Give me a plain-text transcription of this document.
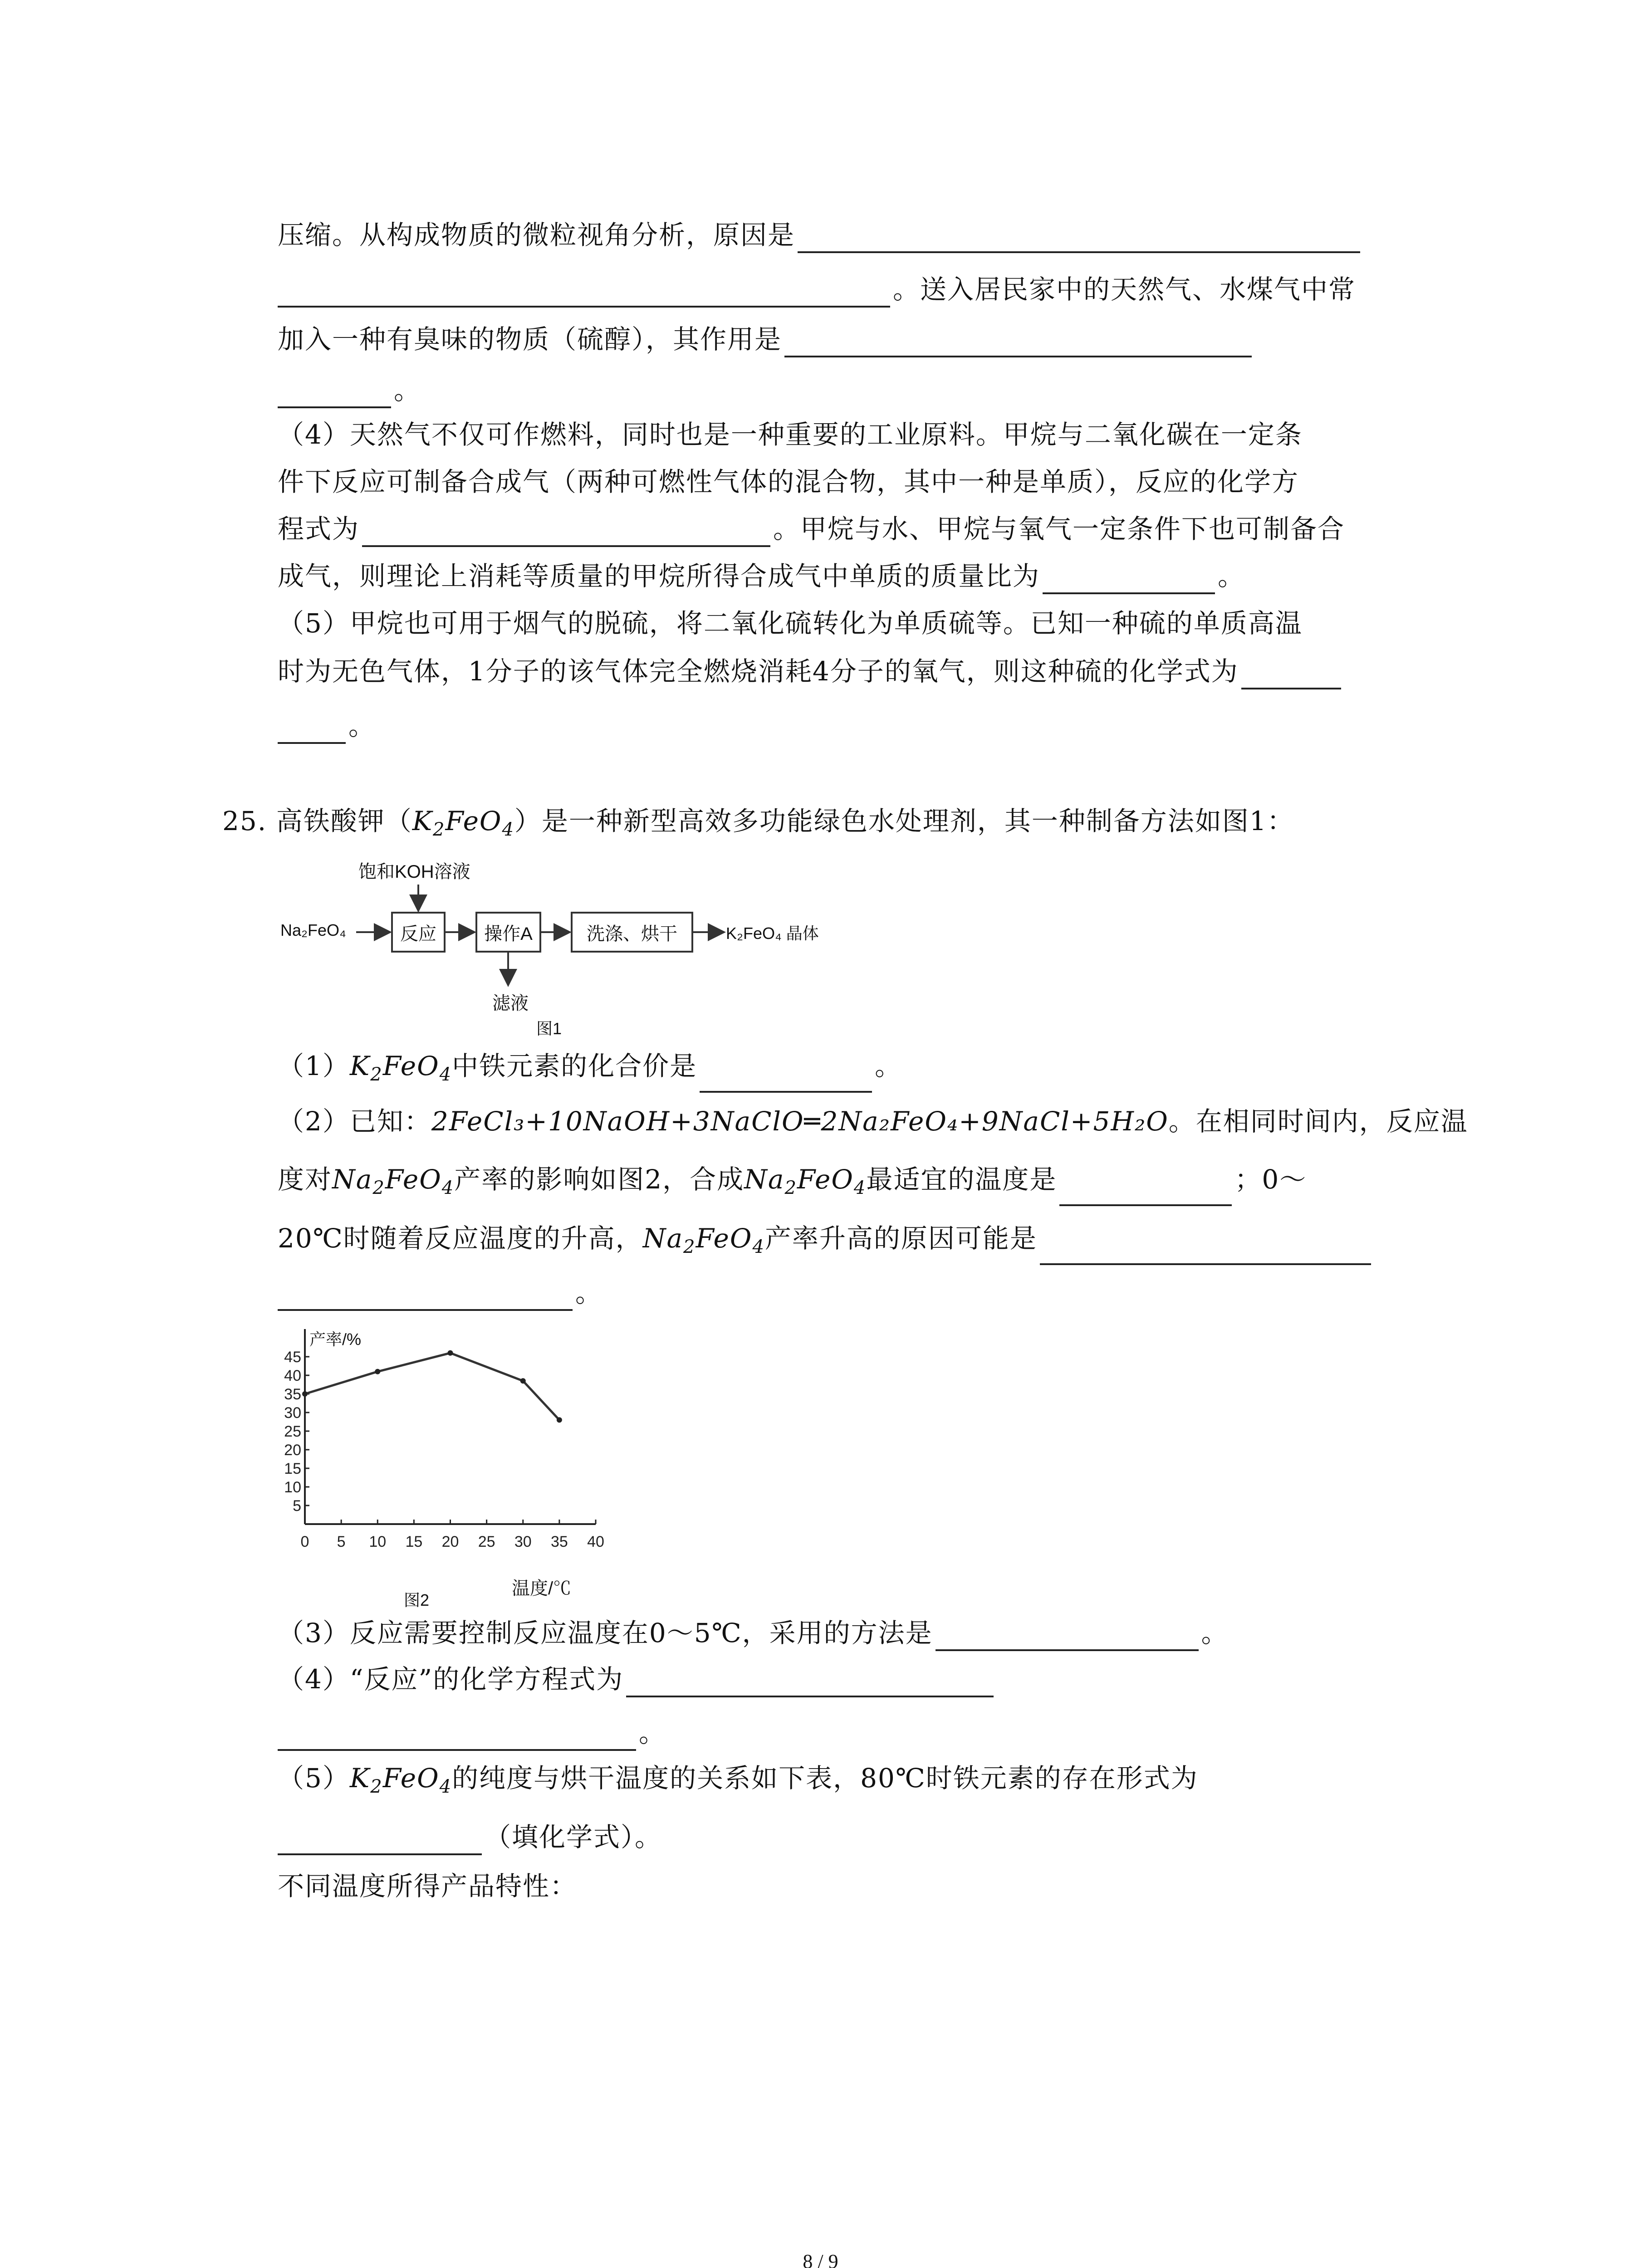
压缩。从构成物质的微粒视角分析，原因是
。送入居民家中的天然气、水煤气中常
加入一种有臭味的物质（硫醇），其作用是
。
（4）天然气不仅可作燃料，同时也是一种重要的工业原料。甲烷与二氧化碳在一定条
件下反应可制备合成气（两种可燃性气体的混合物，其中一种是单质），反应的化学方
程式为	。甲烷与水、甲烷与氧气一定条件下也可制备合
成气，则理论上消耗等质量的甲烷所得合成气中单质的质量比为	。
（5）甲烷也可用于烟气的脱硫，将二氧化硫转化为单质硫等。已知一种硫的单质高温
时为无色气体，1分子的该气体完全燃烧消耗4分子的氧气，则这种硫的化学式为
。
25. 高铁酸钾$(K_2FeO_4)$是一种新型高效多功能绿色水处理剂，其一种制备方法如图1：
饱和KOH溶液
Na₂FeO₄	反应	操作A	洗涤、烘干	K₂FeO₄ 晶体
滤液
图1
$(1)K_2FeO_4$中铁元素的化合价是	。
（2）已知：2FeCl₃+10NaOH+3NaClO═2Na₂FeO₄+9NaCl+5H₂O。在相同时间内，反应温
度对$Na_2FeO_4$产率的影响如图2，合成$Na_2FeO_4$最适宜的温度是	；0～
20℃时随着反应温度的升高，$Na_2FeO_4$产率升高的原因可能是
。
0 5 10 15 20 25 30 35 40
5
10
15
20
25
30
35
40
45
产率/%
温度/℃
图2
（3）反应需要控制反应温度在0～5℃，采用的方法是	。
（4）“反应”的化学方程式为
。
$(5)K_2FeO_4$的纯度与烘干温度的关系如下表，80℃时铁元素的存在形式为
（填化学式）。
不同温度所得产品特性：
8 / 9
